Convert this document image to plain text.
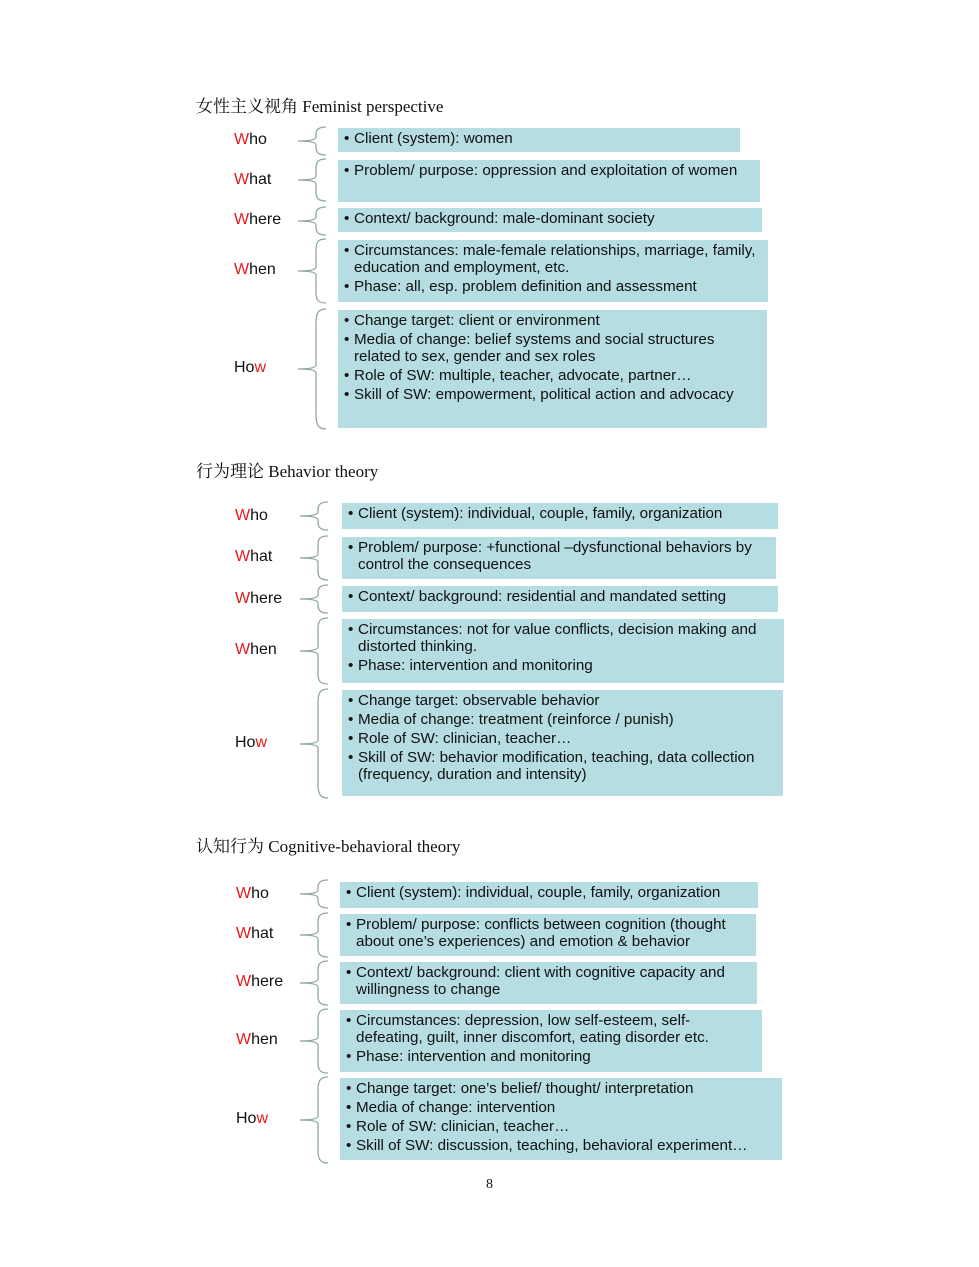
女性主义视角 Feminist perspective
Who	• Client (system): women
What
• Problem/ purpose: oppression and exploitation of women
Where	• Context/ background: male-dominant society
When
• Circumstances: male-female relationships, marriage, family, education and employment, etc.
• Phase: all, esp. problem definition and assessment
How
• Change target: client or environment
• Media of change: belief systems and social structures related to sex, gender and sex roles
• Role of SW: multiple, teacher, advocate, partner…
• Skill of SW: empowerment, political action and advocacy
行为理论 Behavior theory
Who	• Client (system): individual, couple, family, organization
What
• Problem/ purpose: +functional –dysfunctional behaviors by control the consequences
Where	• Context/ background: residential and mandated setting
When
• Circumstances: not for value conflicts, decision making and distorted thinking.
• Phase: intervention and monitoring
How
• Change target: observable behavior
• Media of change: treatment (reinforce / punish)
• Role of SW: clinician, teacher…
• Skill of SW: behavior modification, teaching, data collection (frequency, duration and intensity)
认知行为 Cognitive-behavioral theory
Who	• Client (system): individual, couple, family, organization
What
• Problem/ purpose: conflicts between cognition (thought about one’s experiences) and emotion & behavior
Where
• Context/ background: client with cognitive capacity and willingness to change
When
• Circumstances: depression, low self-esteem, self-defeating, guilt, inner discomfort, eating disorder etc.
• Phase: intervention and monitoring
How
• Change target: one’s belief/ thought/ interpretation
• Media of change: intervention
• Role of SW: clinician, teacher…
• Skill of SW: discussion, teaching, behavioral experiment…
8
